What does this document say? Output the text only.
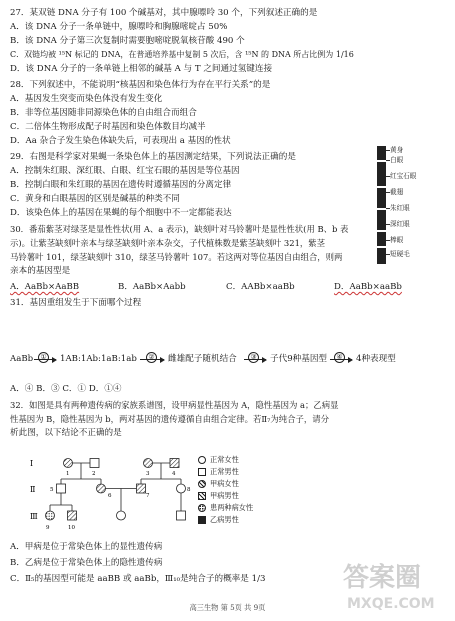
27．某双链 DNA 分子有 100 个碱基对，其中腺嘌呤 30 个，下列叙述正确的是
A．该 DNA 分子一条单链中，腺嘌呤和胸腺嘧啶占 50%
B．该 DNA 分子第三次复制时需要胞嘧啶脱氧核苷酸 490 个
C．双链均被 ¹⁵N 标记的 DNA，在普通培养基中复制 5 次后，含 ¹⁵N 的 DNA 所占比例为 1/16
D．该 DNA 分子的一条单链上相邻的碱基 A 与 T 之间通过氢键连接
28．下列叙述中，不能说明“核基因和染色体行为存在平行关系”的是
A．基因发生突变而染色体没有发生变化
B．非等位基因随非同源染色体的自由组合而组合
C．二倍体生物形成配子时基因和染色体数目均减半
D．Aa 杂合子发生染色体缺失后，可表现出 a 基因的性状
29．右图是科学家对果蝇一条染色体上的基因测定结果，下列说法正确的是
A．控制朱红眼、深红眼、白眼、红宝石眼的基因是等位基因
B．控制白眼和朱红眼的基因在遗传时遵循基因的分离定律
C．黄身和白眼基因的区别是碱基的种类不同
D．该染色体上的基因在果蝇的每个细胞中不一定都能表达
黄身
白眼
红宝石眼
截翅
朱红眼
深红眼
棒眼
短硬毛
30．番茄紫茎对绿茎是显性性状(用 A、a 表示)，缺刻叶对马铃薯叶是显性性状(用 B、b 表
示)。让紫茎缺刻叶亲本与绿茎缺刻叶亲本杂交，子代植株数是紫茎缺刻叶 321，紫茎
马铃薯叶 101，绿茎缺刻叶 310，绿茎马铃薯叶 107。若这两对等位基因自由组合，则两
亲本的基因型是
A．AaBb×AaBB	B．AaBb×Aabb	C．AABb×aaBb	D．AaBb×aaBb
31．基因重组发生于下面哪个过程
AaBb	① 1AB:1Ab:1aB:1ab	② 雌雄配子随机结合	③ 子代9种基因型	④ 4种表现型
A．④ B．③ C．① D．①④
32．如图是具有两种遗传病的家族系谱图，设甲病显性基因为 A，隐性基因为 a；乙病显
性基因为 B，隐性基因为 b，两对基因的遗传遵循自由组合定律。若Ⅱ₇为纯合子，请分
析此图，以下结论不正确的是
Ⅰ
Ⅱ
Ⅲ
1	2	3	4
5
6	7
8
9	10
正常女性
正常男性
甲病女性
甲病男性
患两种病女性
乙病男性
A．甲病是位于常染色体上的显性遗传病
B．乙病是位于常染色体上的隐性遗传病
C．Ⅱ₅的基因型可能是 aaBB 或 aaBb，Ⅲ₁₀是纯合子的概率是 1/3
高三生物 第 5页 共 9页
答案圈
MXQE.COM
